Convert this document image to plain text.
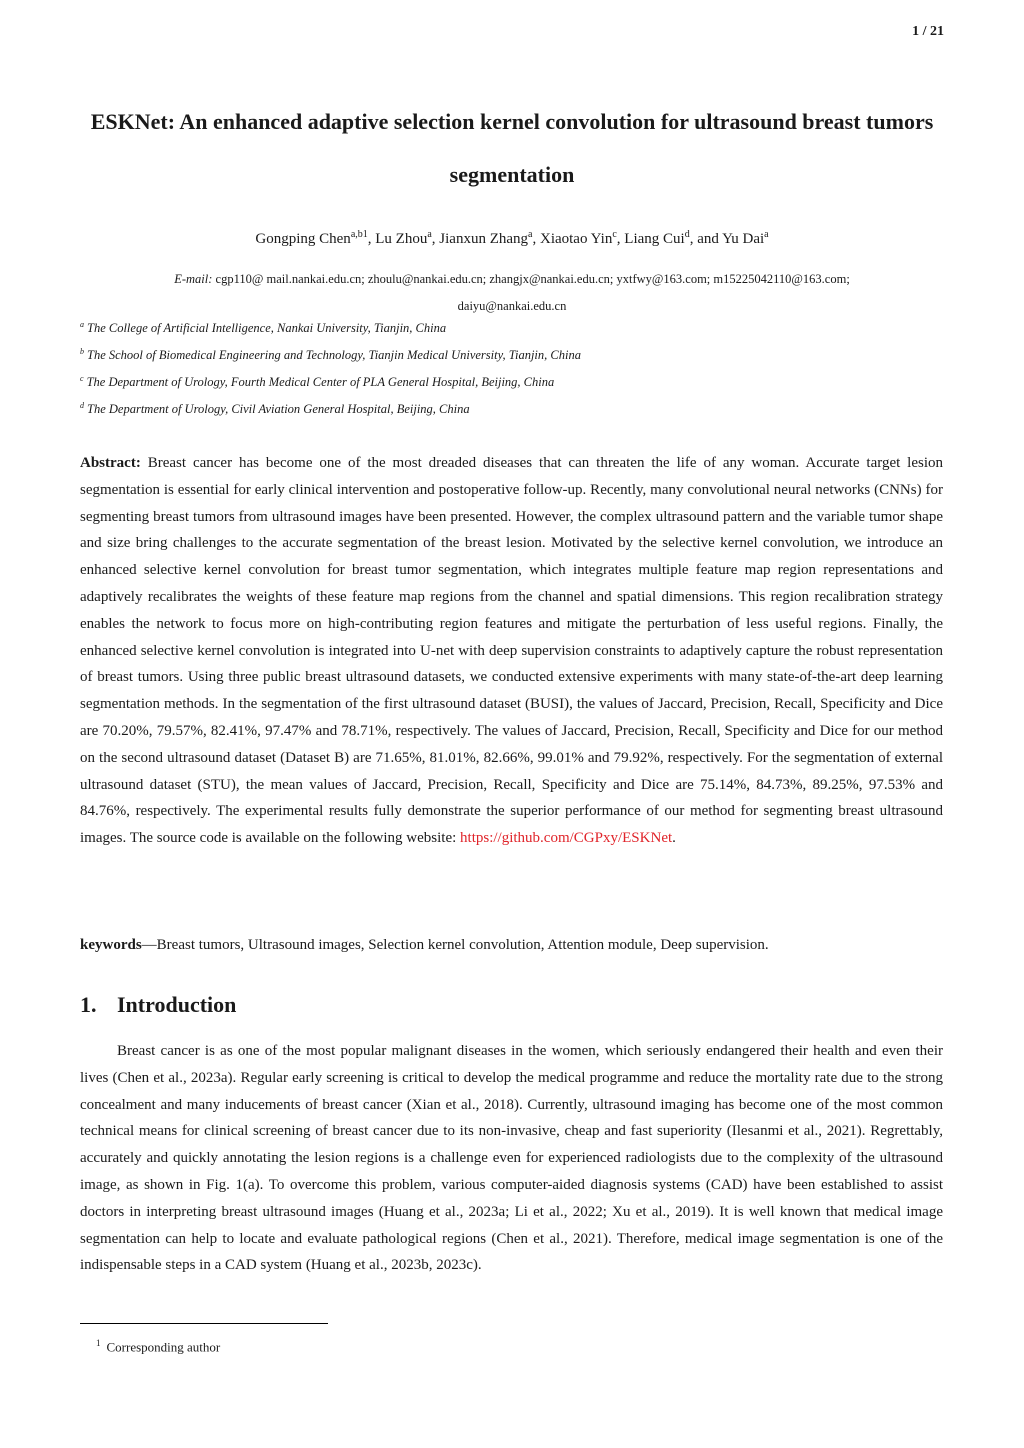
1 / 21
ESKNet: An enhanced adaptive selection kernel convolution for ultrasound breast tumors segmentation
Gongping Chen$^{a,b1}$, Lu Zhou$^a$, Jianxun Zhang$^a$, Xiaotao Yin$^c$, Liang Cui$^d$, and Yu Dai$^a$
E-mail: cgp110@ mail.nankai.edu.cn; zhoulu@nankai.edu.cn; zhangjx@nankai.edu.cn; yxtfwy@163.com; m15225042110@163.com;
daiyu@nankai.edu.cn
$^a$ The College of Artificial Intelligence, Nankai University, Tianjin, China
$^b$ The School of Biomedical Engineering and Technology, Tianjin Medical University, Tianjin, China
$^c$ The Department of Urology, Fourth Medical Center of PLA General Hospital, Beijing, China
$^d$ The Department of Urology, Civil Aviation General Hospital, Beijing, China

Abstract: Breast cancer has become one of the most dreaded diseases that can threaten the life of any woman. Accurate target lesion segmentation is essential for early clinical intervention and postoperative follow-up. Recently, many convolutional neural networks (CNNs) for segmenting breast tumors from ultrasound images have been presented. However, the complex ultrasound pattern and the variable tumor shape and size bring challenges to the accurate segmentation of the breast lesion. Motivated by the selective kernel convolution, we introduce an enhanced selective kernel convolution for breast tumor segmentation, which integrates multiple feature map region representations and adaptively recalibrates the weights of these feature map regions from the channel and spatial dimensions. This region recalibration strategy enables the network to focus more on high-contributing region features and mitigate the perturbation of less useful regions. Finally, the enhanced selective kernel convolution is integrated into U-net with deep supervision constraints to adaptively capture the robust representation of breast tumors. Using three public breast ultrasound datasets, we conducted extensive experiments with many state-of-the-art deep learning segmentation methods. In the segmentation of the first ultrasound dataset (BUSI), the values of Jaccard, Precision, Recall, Specificity and Dice are 70.20%, 79.57%, 82.41%, 97.47% and 78.71%, respectively. The values of Jaccard, Precision, Recall, Specificity and Dice for our method on the second ultrasound dataset (Dataset B) are 71.65%, 81.01%, 82.66%, 99.01% and 79.92%, respectively. For the segmentation of external ultrasound dataset (STU), the mean values of Jaccard, Precision, Recall, Specificity and Dice are 75.14%, 84.73%, 89.25%, 97.53% and 84.76%, respectively. The experimental results fully demonstrate the superior performance of our method for segmenting breast ultrasound images. The source code is available on the following website: https://github.com/CGPxy/ESKNet.

keywords—Breast tumors, Ultrasound images, Selection kernel convolution, Attention module, Deep supervision.

1. Introduction

Breast cancer is as one of the most popular malignant diseases in the women, which seriously endangered their health and even their lives (Chen et al., 2023a). Regular early screening is critical to develop the medical programme and reduce the mortality rate due to the strong concealment and many inducements of breast cancer (Xian et al., 2018). Currently, ultrasound imaging has become one of the most common technical means for clinical screening of breast cancer due to its non-invasive, cheap and fast superiority (Ilesanmi et al., 2021). Regrettably, accurately and quickly annotating the lesion regions is a challenge even for experienced radiologists due to the complexity of the ultrasound image, as shown in Fig. 1(a). To overcome this problem, various computer-aided diagnosis systems (CAD) have been established to assist doctors in interpreting breast ultrasound images (Huang et al., 2023a; Li et al., 2022; Xu et al., 2019). It is well known that medical image segmentation can help to locate and evaluate pathological regions (Chen et al., 2021). Therefore, medical image segmentation is one of the indispensable steps in a CAD system (Huang et al., 2023b, 2023c).

$^1$ Corresponding author
